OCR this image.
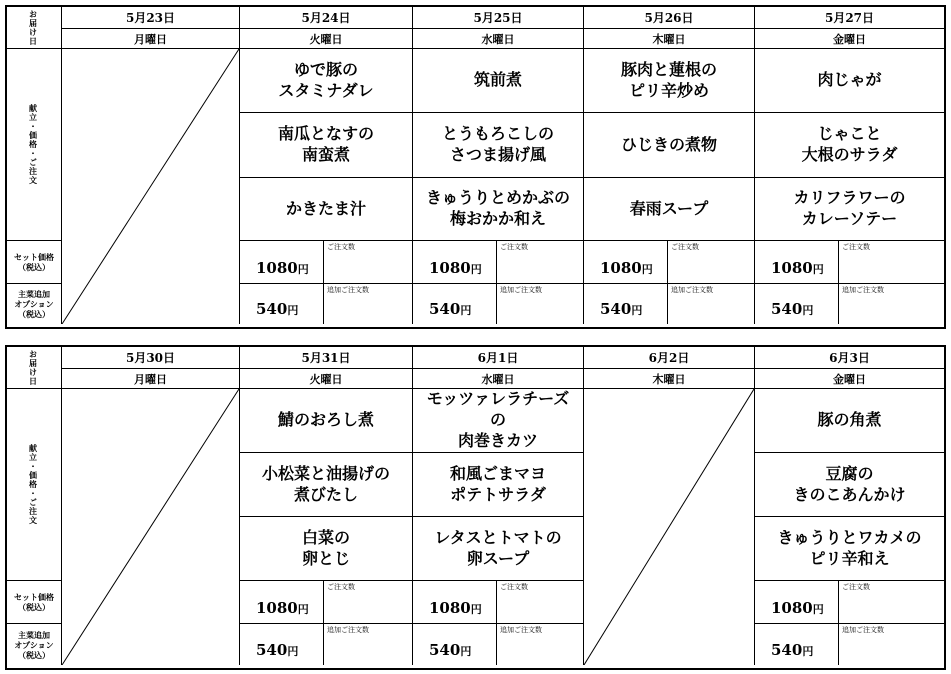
お届け日
献立・価格・ご注文
セット価格
（税込）
主菜追加
オプション
（税込）
5月23日
月曜日
5月24日
火曜日
ゆで豚の
スタミナダレ
南瓜となすの
南蛮煮
かきたま汁
1080 円
ご注文数
540 円
追加ご注文数
5月25日
水曜日
筑前煮
とうもろこしの
さつま揚げ風
きゅうりとめかぶの
梅おかか和え
1080 円
ご注文数
540 円
追加ご注文数
5月26日
木曜日
豚肉と蓮根の
ピリ辛炒め
ひじきの煮物
春雨スープ
1080 円
ご注文数
540 円
追加ご注文数
5月27日
金曜日
肉じゃが
じゃこと
大根のサラダ
カリフラワーの
カレーソテー
1080 円
ご注文数
540 円
追加ご注文数
お届け日
献立・価格・ご注文
セット価格
（税込）
主菜追加
オプション
（税込）
5月30日
月曜日
5月31日
火曜日
鯖のおろし煮
小松菜と油揚げの
煮びたし
白菜の
卵とじ
1080 円
ご注文数
540 円
追加ご注文数
6月1日
水曜日
モッツァレラチーズ
の
肉巻きカツ
和風ごまマヨ
ポテトサラダ
レタスとトマトの
卵スープ
1080 円
ご注文数
540 円
追加ご注文数
6月2日
木曜日
6月3日
金曜日
豚の角煮
豆腐の
きのこあんかけ
きゅうりとワカメの
ピリ辛和え
1080 円
ご注文数
540 円
追加ご注文数
